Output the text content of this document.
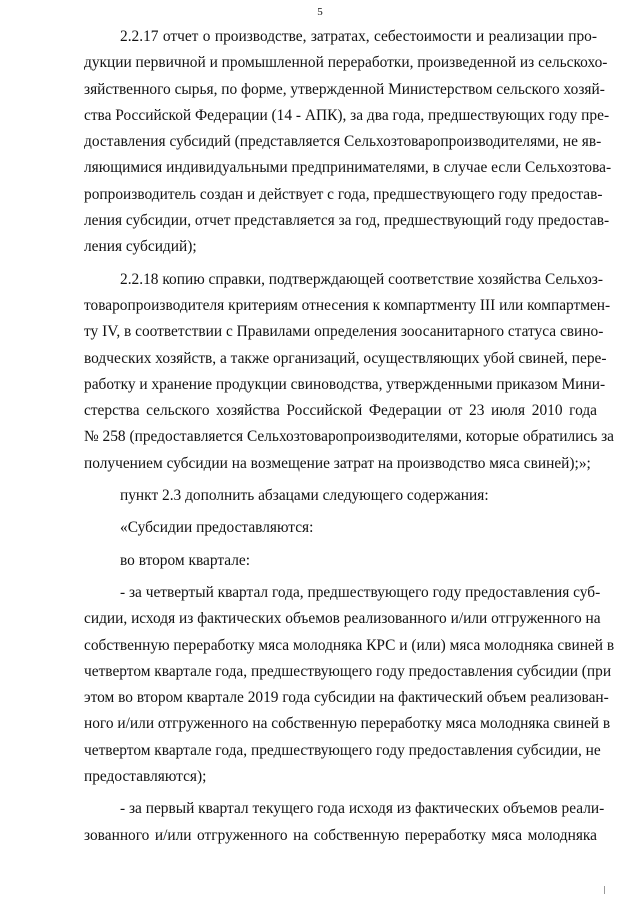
5
2.2.17 отчет о производстве, затратах, себестоимости и реализации про-
дукции первичной и промышленной переработки, произведенной из сельскохо-
зяйственного сырья, по форме, утвержденной Министерством сельского хозяй-
ства Российской Федерации (14 - АПК), за два года, предшествующих году пре-
доставления субсидий (представляется Сельхозтоваропроизводителями, не яв-
ляющимися индивидуальными предпринимателями, в случае если Сельхозтова-
ропроизводитель создан и действует с года, предшествующего году предостав-
ления субсидии, отчет представляется за год, предшествующий году предостав-
ления субсидий);
2.2.18 копию справки, подтверждающей соответствие хозяйства Сельхоз-
товаропроизводителя критериям отнесения к компартменту III или компартмен-
ту IV, в соответствии с Правилами определения зоосанитарного статуса свино-
водческих хозяйств, а также организаций, осуществляющих убой свиней, пере-
работку и хранение продукции свиноводства, утвержденными приказом Мини-
стерства сельского хозяйства Российской Федерации от 23 июля 2010 года
№ 258 (предоставляется Сельхозтоваропроизводителями, которые обратились за
получением субсидии на возмещение затрат на производство мяса свиней);»;
пункт 2.3 дополнить абзацами следующего содержания:
«Субсидии предоставляются:
во втором квартале:
- за четвертый квартал года, предшествующего году предоставления суб-
сидии, исходя из фактических объемов реализованного и/или отгруженного на
собственную переработку мяса молодняка КРС и (или) мяса молодняка свиней в
четвертом квартале года, предшествующего году предоставления субсидии (при
этом во втором квартале 2019 года субсидии на фактический объем реализован-
ного и/или отгруженного на собственную переработку мяса молодняка свиней в
четвертом квартале года, предшествующего году предоставления субсидии, не
предоставляются);
- за первый квартал текущего года исходя из фактических объемов реали-
зованного и/или отгруженного на собственную переработку мяса молодняка
